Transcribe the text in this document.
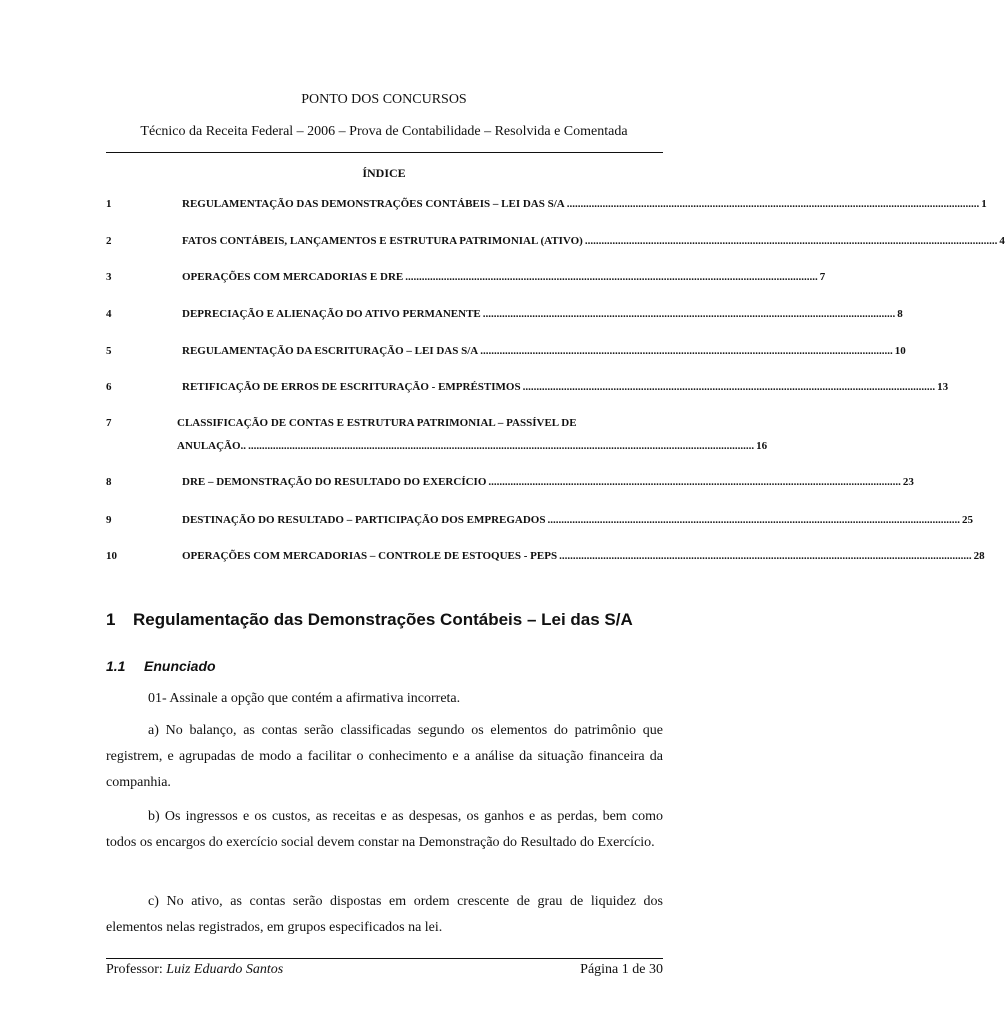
PONTO DOS CONCURSOS
Técnico da Receita Federal – 2006 – Prova de Contabilidade – Resolvida e Comentada
ÍNDICE
1	REGULAMENTAÇÃO DAS DEMONSTRAÇÕES CONTÁBEIS – LEI DAS S/A ...................................................................................................................................................... 1
2	FATOS CONTÁBEIS, LANÇAMENTOS E ESTRUTURA PATRIMONIAL (ATIVO) ...................................................................................................................................................... 4
3	OPERAÇÕES COM MERCADORIAS E DRE ...................................................................................................................................................... 7
4	DEPRECIAÇÃO E ALIENAÇÃO DO ATIVO PERMANENTE ...................................................................................................................................................... 8
5	REGULAMENTAÇÃO DA ESCRITURAÇÃO – LEI DAS S/A ...................................................................................................................................................... 10
6	RETIFICAÇÃO DE ERROS DE ESCRITURAÇÃO - EMPRÉSTIMOS ...................................................................................................................................................... 13
7	CLASSIFICAÇÃO DE CONTAS E ESTRUTURA PATRIMONIAL – PASSÍVEL DE
ANULAÇÃO.. ........................................................................................................................................................................................ 16
8	DRE – DEMONSTRAÇÃO DO RESULTADO DO EXERCÍCIO ...................................................................................................................................................... 23
9	DESTINAÇÃO DO RESULTADO – PARTICIPAÇÃO DOS EMPREGADOS ...................................................................................................................................................... 25
10	OPERAÇÕES COM MERCADORIAS – CONTROLE DE ESTOQUES - PEPS ...................................................................................................................................................... 28
1 Regulamentação das Demonstrações Contábeis – Lei das S/A
1.1 Enunciado

01- Assinale a opção que contém a afirmativa incorreta.

a) No balanço, as contas serão classificadas segundo os elementos do patrimônio que registrem, e agrupadas de modo a facilitar o conhecimento e a análise da situação financeira da companhia.

b) Os ingressos e os custos, as receitas e as despesas, os ganhos e as perdas, bem como todos os encargos do exercício social devem constar na Demonstração do Resultado do Exercício.

c) No ativo, as contas serão dispostas em ordem crescente de grau de liquidez dos elementos nelas registrados, em grupos especificados na lei.

Professor: Luiz Eduardo Santos	Página 1 de 30
